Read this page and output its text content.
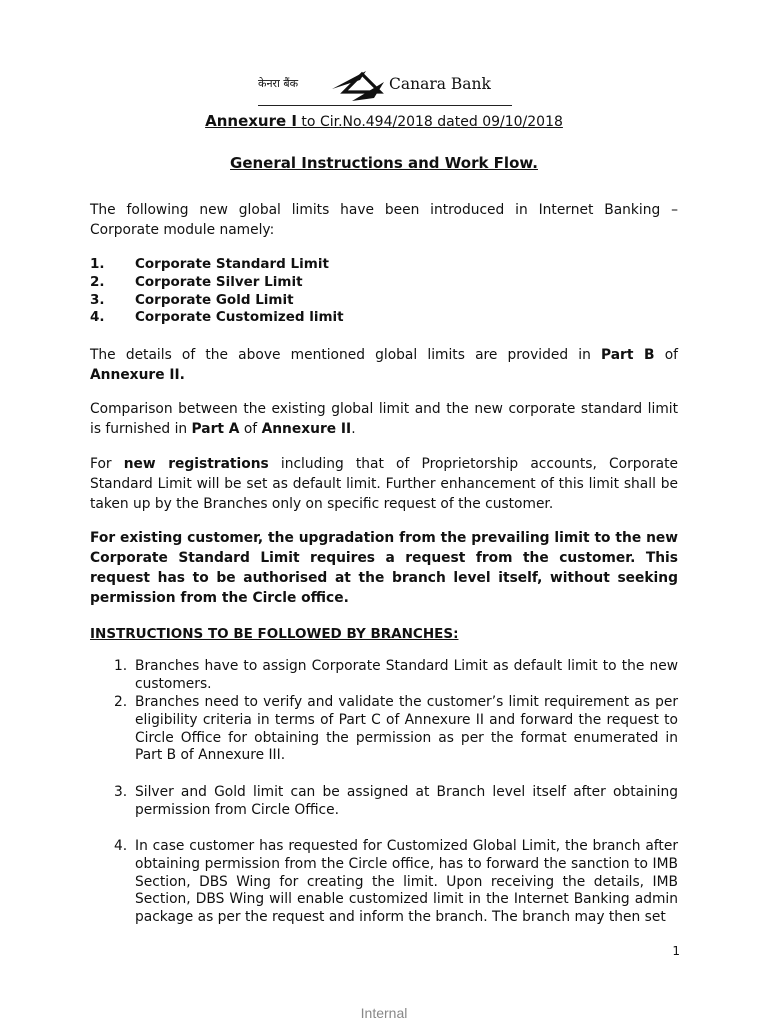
केनरा बैंक	Canara Bank
Annexure I to Cir.No.494/2018 dated 09/10/2018
General Instructions and Work Flow.

The following new global limits have been introduced in Internet Banking – Corporate module namely:

1. Corporate Standard Limit
2. Corporate Silver Limit
3. Corporate Gold Limit
4. Corporate Customized limit

The details of the above mentioned global limits are provided in Part B of Annexure II.

Comparison between the existing global limit and the new corporate standard limit is furnished in Part A of Annexure II.

For new registrations including that of Proprietorship accounts, Corporate Standard Limit will be set as default limit. Further enhancement of this limit shall be taken up by the Branches only on specific request of the customer.

For existing customer, the upgradation from the prevailing limit to the new Corporate Standard Limit requires a request from the customer. This request has to be authorised at the branch level itself, without seeking permission from the Circle office.

INSTRUCTIONS TO BE FOLLOWED BY BRANCHES:
1. Branches have to assign Corporate Standard Limit as default limit to the new customers.
2. Branches need to verify and validate the customer’s limit requirement as per eligibility criteria in terms of Part C of Annexure II and forward the request to Circle Office for obtaining the permission as per the format enumerated in Part B of Annexure III.
3. Silver and Gold limit can be assigned at Branch level itself after obtaining permission from Circle Office.
4. In case customer has requested for Customized Global Limit, the branch after obtaining permission from the Circle office, has to forward the sanction to IMB Section, DBS Wing for creating the limit. Upon receiving the details, IMB Section, DBS Wing will enable customized limit in the Internet Banking admin package as per the request and inform the branch. The branch may then set
1
Internal
